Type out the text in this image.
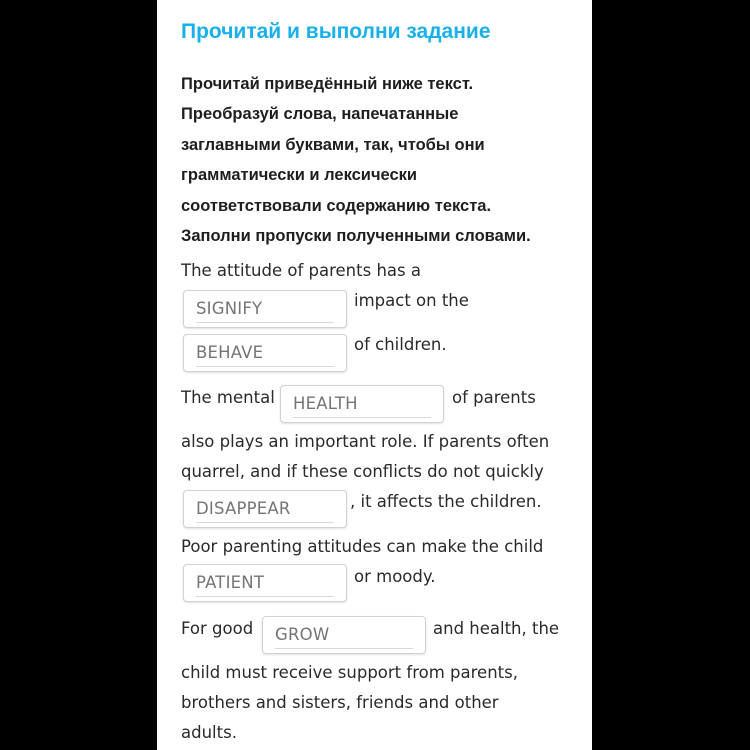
Прочитай и выполни задание
Прочитай приведённый ниже текст.
Преобразуй слова, напечатанные
заглавными буквами, так, чтобы они
грамматически и лексически
соответствовали содержанию текста.
Заполни пропуски полученными словами.
The attitude of parents has a
SIGNIFY
impact on the
BEHAVE
of children.
The mental
HEALTH	of parents
also plays an important role. If parents often
quarrel, and if these conflicts do not quickly
DISAPPEAR
, it affects the children.
Poor parenting attitudes can make the child
PATIENT
or moody.
For good
GROW	and health, the
child must receive support from parents,
brothers and sisters, friends and other
adults.
